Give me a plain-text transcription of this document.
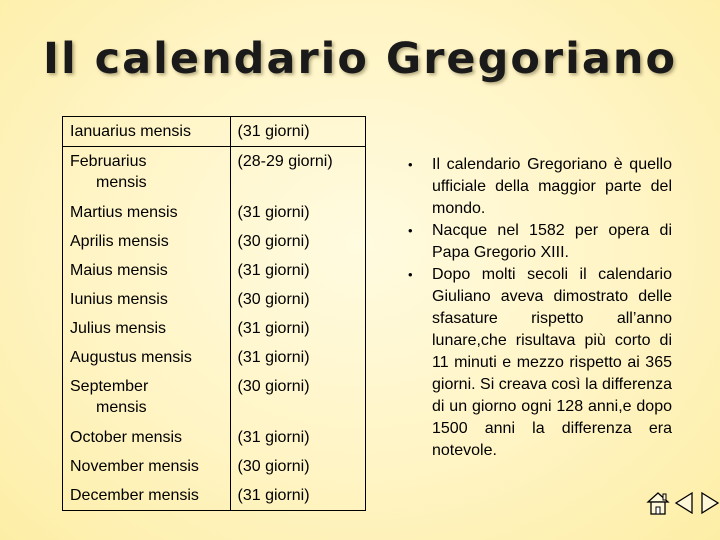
Il calendario Gregoriano
Ianuarius mensis	(31 giorni)
Februarius
mensis	(28-29 giorni)
Martius mensis	(31 giorni)
Aprilis mensis	(30 giorni)
Maius mensis	(31 giorni)
Iunius mensis	(30 giorni)
Julius mensis	(31 giorni)
Augustus mensis	(31 giorni)
September
mensis	(30 giorni)
October mensis	(31 giorni)
November mensis	(30 giorni)
December mensis	(31 giorni)
• Il calendario Gregoriano è quello ufficiale della maggior parte del mondo.
• Nacque nel 1582 per opera di Papa Gregorio XIII.
• Dopo molti secoli il calendario Giuliano aveva dimostrato delle sfasature rispetto all’anno lunare,che risultava più corto di 11 minuti e mezzo rispetto ai 365 giorni. Si creava così la differenza di un giorno ogni 128 anni,e dopo 1500 anni la differenza era notevole.
